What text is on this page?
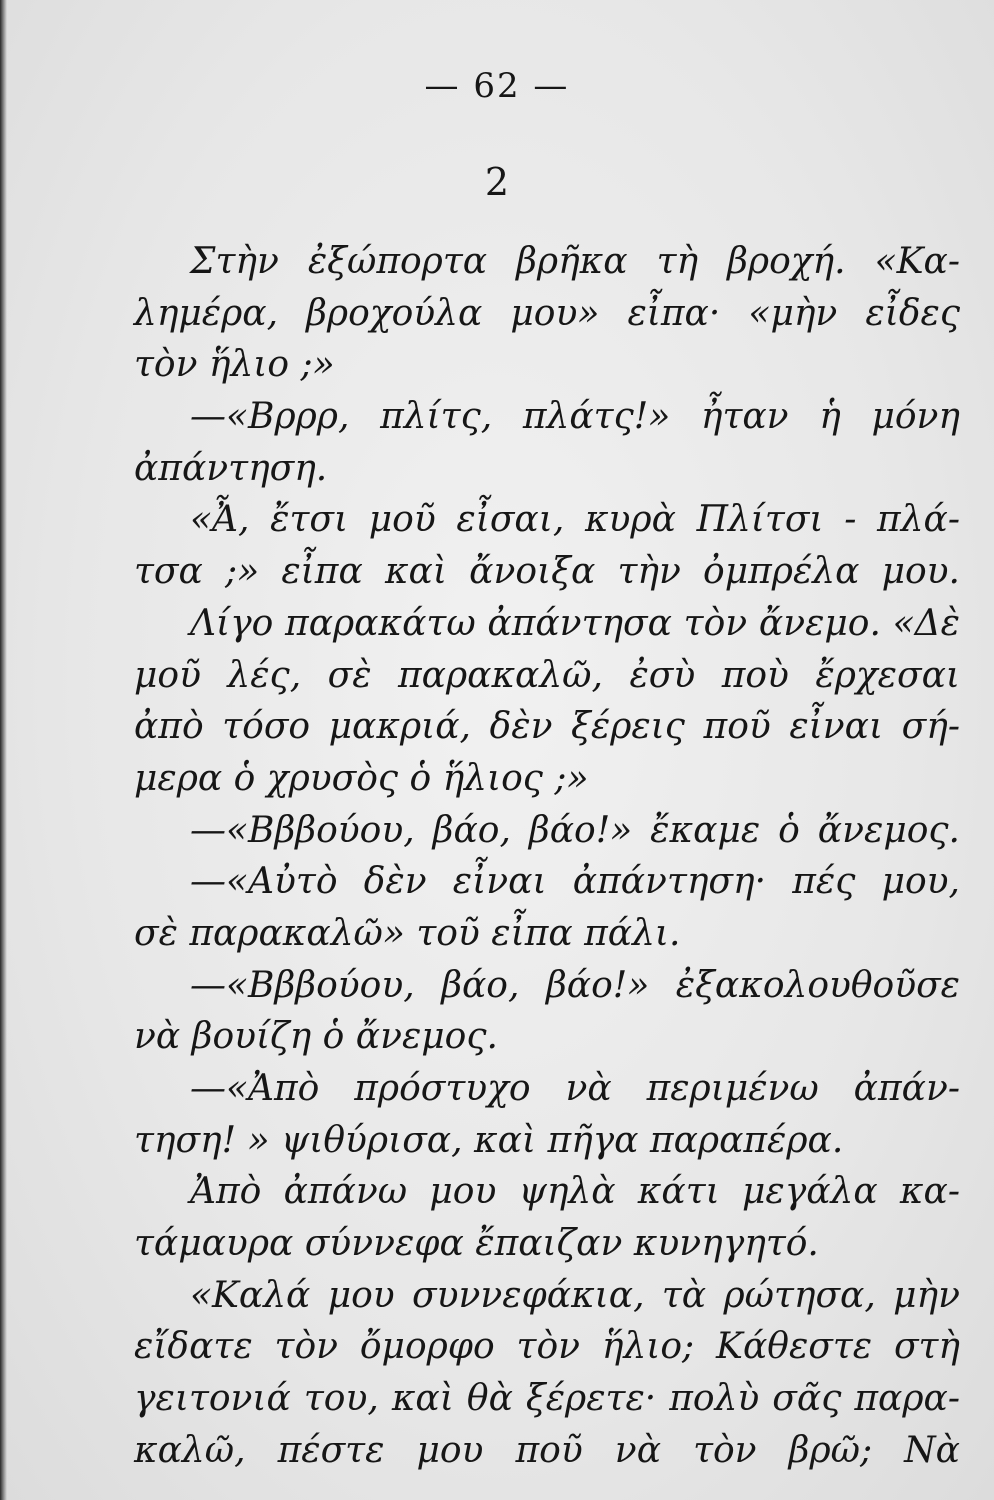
— 62 —
2
Στὴν ἐξώπορτα βρῆκα τὴ βροχή. «Κα-
λημέρα, βροχούλα μου» εἶπα· «μὴν εἶδες
τὸν ἥλιο ;»
—«Βρρρ, πλίτς, πλάτς!» ἦταν ἡ μόνη
ἀπάντηση.
«Ἆ, ἔτσι μοῦ εἶσαι, κυρὰ Πλίτσι - πλά-
τσα ;» εἶπα καὶ ἄνοιξα τὴν ὀμπρέλα μου.
Λίγο παρακάτω ἀπάντησα τὸν ἄνεμο. «Δὲ
μοῦ λές, σὲ παρακαλῶ, ἐσὺ ποὺ ἔρχεσαι
ἀπὸ τόσο μακριά, δὲν ξέρεις ποῦ εἶναι σή-
μερα ὁ χρυσὸς ὁ ἥλιος ;»
—«Βββούου, βάο, βάο!» ἔκαμε ὁ ἄνεμος.
—«Αὐτὸ δὲν εἶναι ἀπάντηση· πές μου,
σὲ παρακαλῶ» τοῦ εἶπα πάλι.
—«Βββούου, βάο, βάο!» ἐξακολουθοῦσε
νὰ βουίζη ὁ ἄνεμος.
—«Ἀπὸ πρόστυχο νὰ περιμένω ἀπάν-
τηση! » ψιθύρισα, καὶ πῆγα παραπέρα.
Ἀπὸ ἀπάνω μου ψηλὰ κάτι μεγάλα κα-
τάμαυρα σύννεφα ἔπαιζαν κυνηγητό.
«Καλά μου συννεφάκια, τὰ ρώτησα, μὴν
εἴδατε τὸν ὄμορφο τὸν ἥλιο; Κάθεστε στὴ
γειτονιά του, καὶ θὰ ξέρετε· πολὺ σᾶς παρα-
καλῶ, πέστε μου ποῦ νὰ τὸν βρῶ; Νὰ
